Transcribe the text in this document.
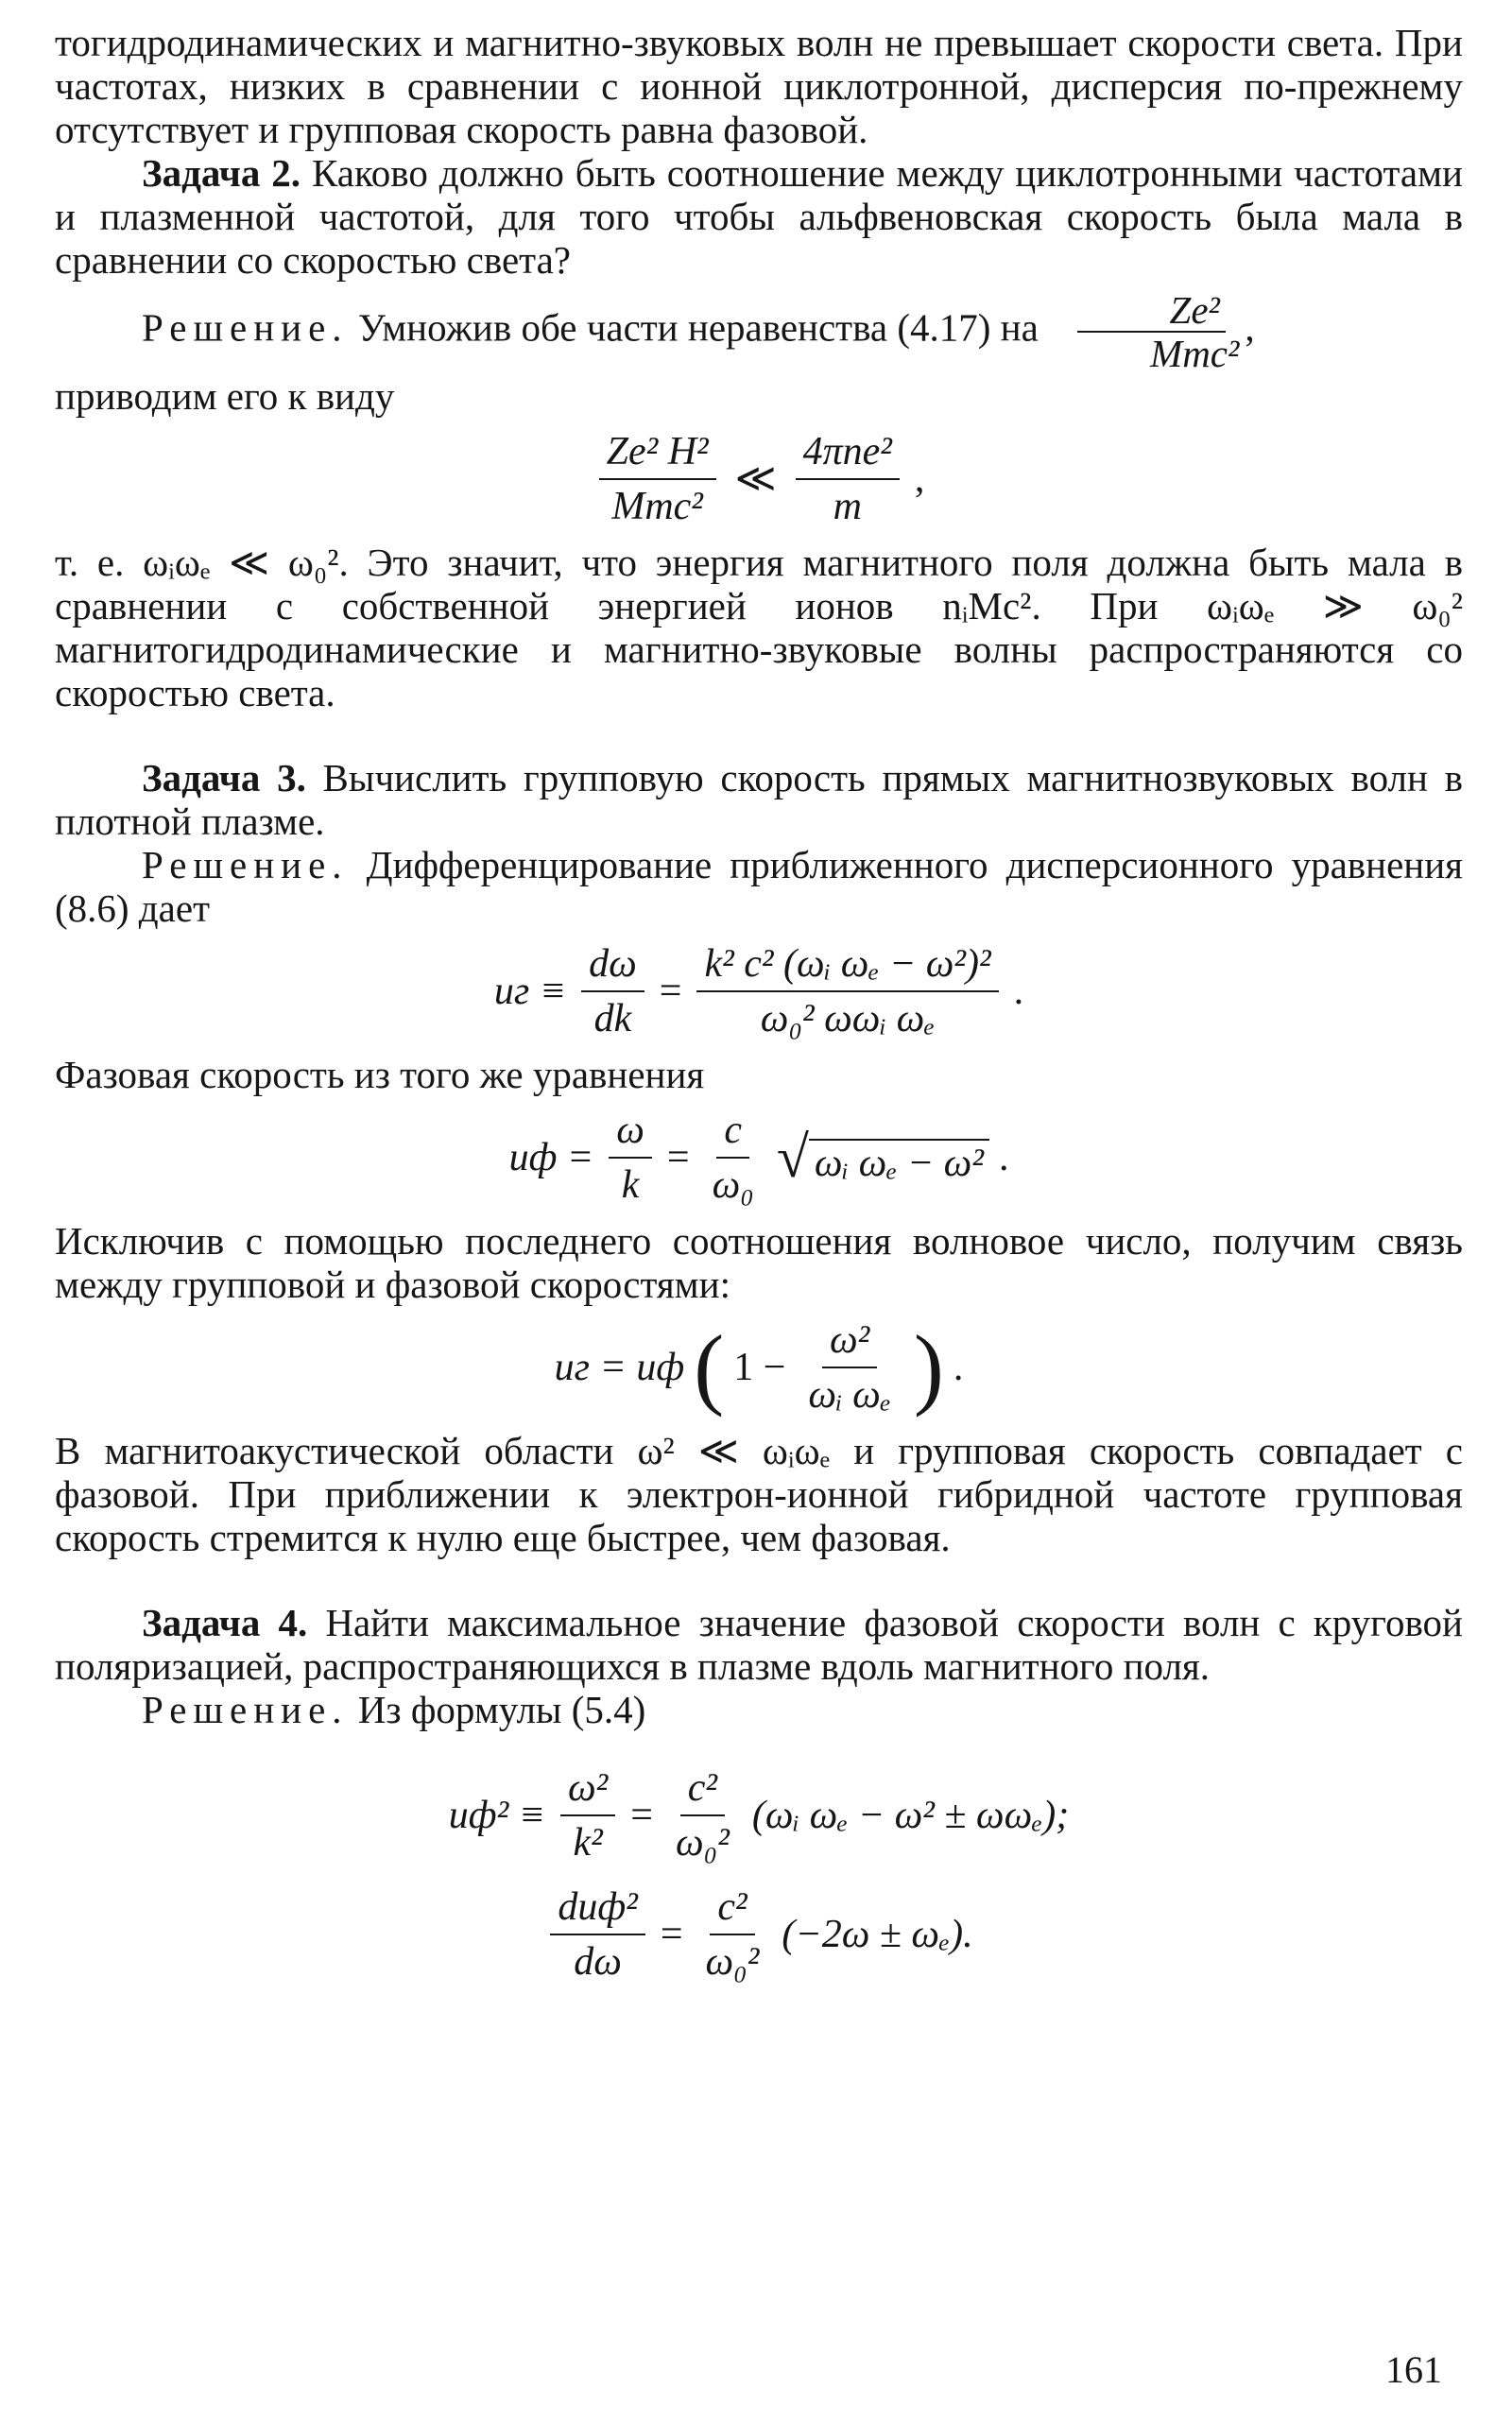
тогидродинамических и магнитно-звуковых волн не превышает скорости света. При частотах, низких в сравнении с ионной циклотронной, дисперсия по-прежнему отсутствует и групповая скорость равна фазовой.

Задача 2. Каково должно быть соотношение между циклотронными частотами и плазменной частотой, для того чтобы альфвеновская скорость была мала в сравнении со скоростью света?

Решение. Умножив обе части неравенства (4.17) на $\frac{\text{Ze²}}{\text{Mmc²}}$ ,

приводим его к виду

$\frac{\text{Ze² H²}}{\text{Mmc²}}$ ≪ $\frac{\text{4πne²}}{m}$ ,

т. е. ωᵢωₑ ≪ ω₀². Это значит, что энергия магнитного поля должна быть мала в сравнении с собственной энергией ионов nᵢMc². При ωᵢωₑ ≫ ω₀² магнитогидродинамические и магнитно-звуковые волны распространяются со скоростью света.

Задача 3. Вычислить групповую скорость прямых магнитнозвуковых волн в плотной плазме.

Решение. Дифференцирование приближенного дисперсионного уравнения (8.6) дает

uг ≡ $\frac{d\omega}{dk} = \frac{\text{k² c² (ωᵢ ωₑ − ω²)²}}{\text{ω₀² ωωᵢ ωₑ}}$ .

Фазовая скорость из того же уравнения

uф = $\frac{\omega}{k} = \frac{c}{\text{ω₀}}$ √ ωᵢ ωₑ − ω² .

Исключив с помощью последнего соотношения волновое число, получим связь между групповой и фазовой скоростями:

uг = uф ( $1 - \frac{\text{ω²}}{\text{ωᵢ ωₑ}}$ ) .

В магнитоакустической области ω² ≪ ωᵢωₑ и групповая скорость совпадает с фазовой. При приближении к электрон-ионной гибридной частоте групповая скорость стремится к нулю еще быстрее, чем фазовая.

Задача 4. Найти максимальное значение фазовой скорости волн с круговой поляризацией, распространяющихся в плазме вдоль магнитного поля.

Решение. Из формулы (5.4)

$uф^2 \equiv \frac{\text{ω²}}{\text{k²}} = \frac{\text{c²}}{\text{ω₀²}}$ (ωᵢ ωₑ − ω² ± ωωₑ);
$\frac{\text{duф²}}{d\omega} = \frac{\text{c²}}{\text{ω₀²}} (-2\omega \pm \omega_e)$.
161
